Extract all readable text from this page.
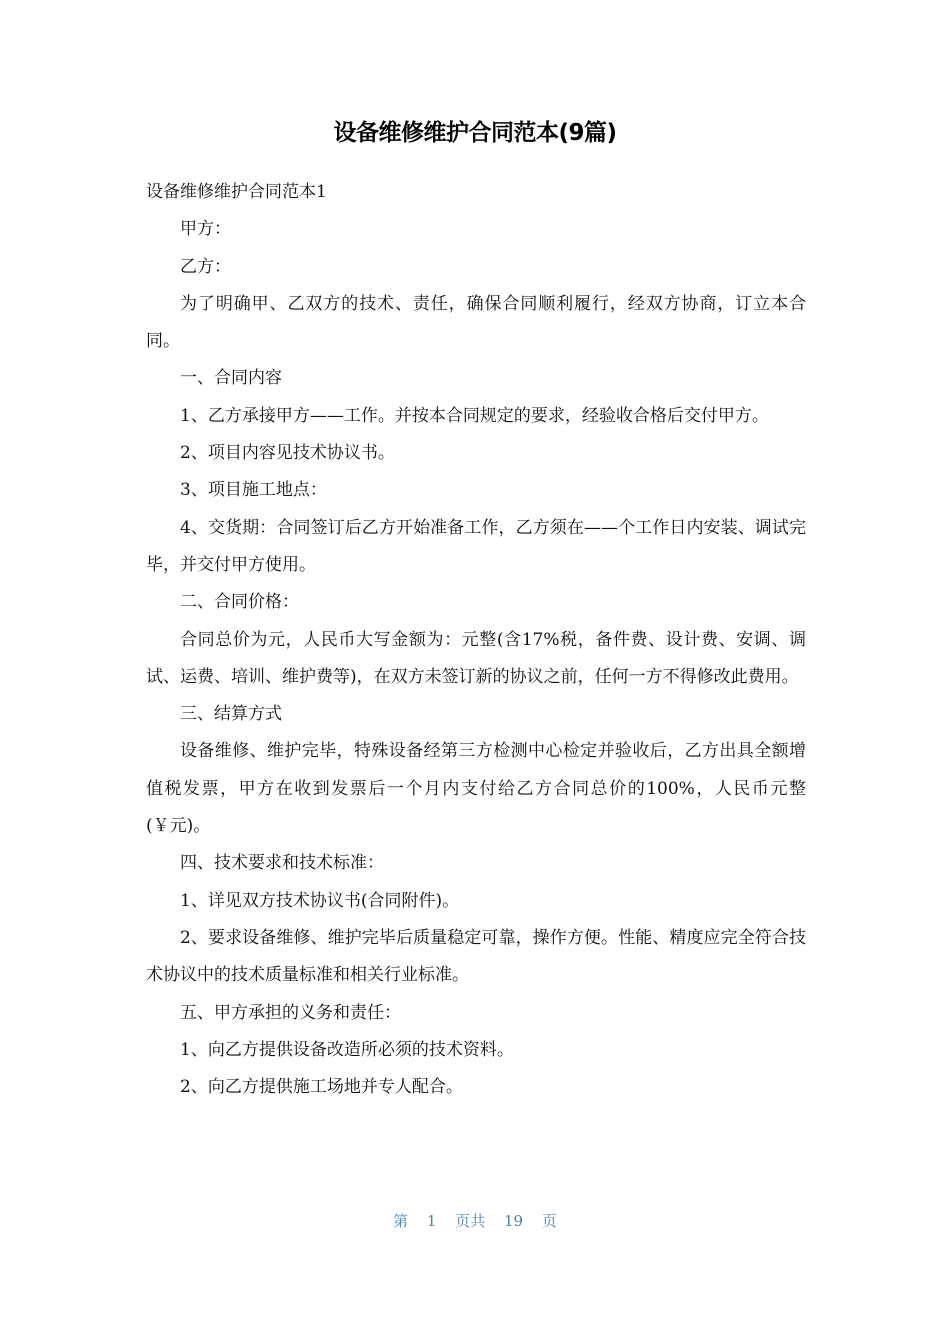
设备维修维护合同范本(9篇)

设备维修维护合同范本1

甲方：

乙方：

为了明确甲、乙双方的技术、责任，确保合同顺利履行，经双方协商，订立本合同。

一、合同内容

1、乙方承接甲方——工作。并按本合同规定的要求，经验收合格后交付甲方。

2、项目内容见技术协议书。

3、项目施工地点：

4、交货期：合同签订后乙方开始准备工作，乙方须在——个工作日内安装、调试完毕，并交付甲方使用。

二、合同价格：

合同总价为元，人民币大写金额为：元整(含17%税，备件费、设计费、安调、调试、运费、培训、维护费等)，在双方未签订新的协议之前，任何一方不得修改此费用。

三、结算方式

设备维修、维护完毕，特殊设备经第三方检测中心检定并验收后，乙方出具全额增值税发票，甲方在收到发票后一个月内支付给乙方合同总价的100%，人民币元整(￥元)。

四、技术要求和技术标准：

1、详见双方技术协议书(合同附件)。

2、要求设备维修、维护完毕后质量稳定可靠，操作方便。性能、精度应完全符合技术协议中的技术质量标准和相关行业标准。

五、甲方承担的义务和责任：

1、向乙方提供设备改造所必须的技术资料。

2、向乙方提供施工场地并专人配合。

第 1 页共 19 页
